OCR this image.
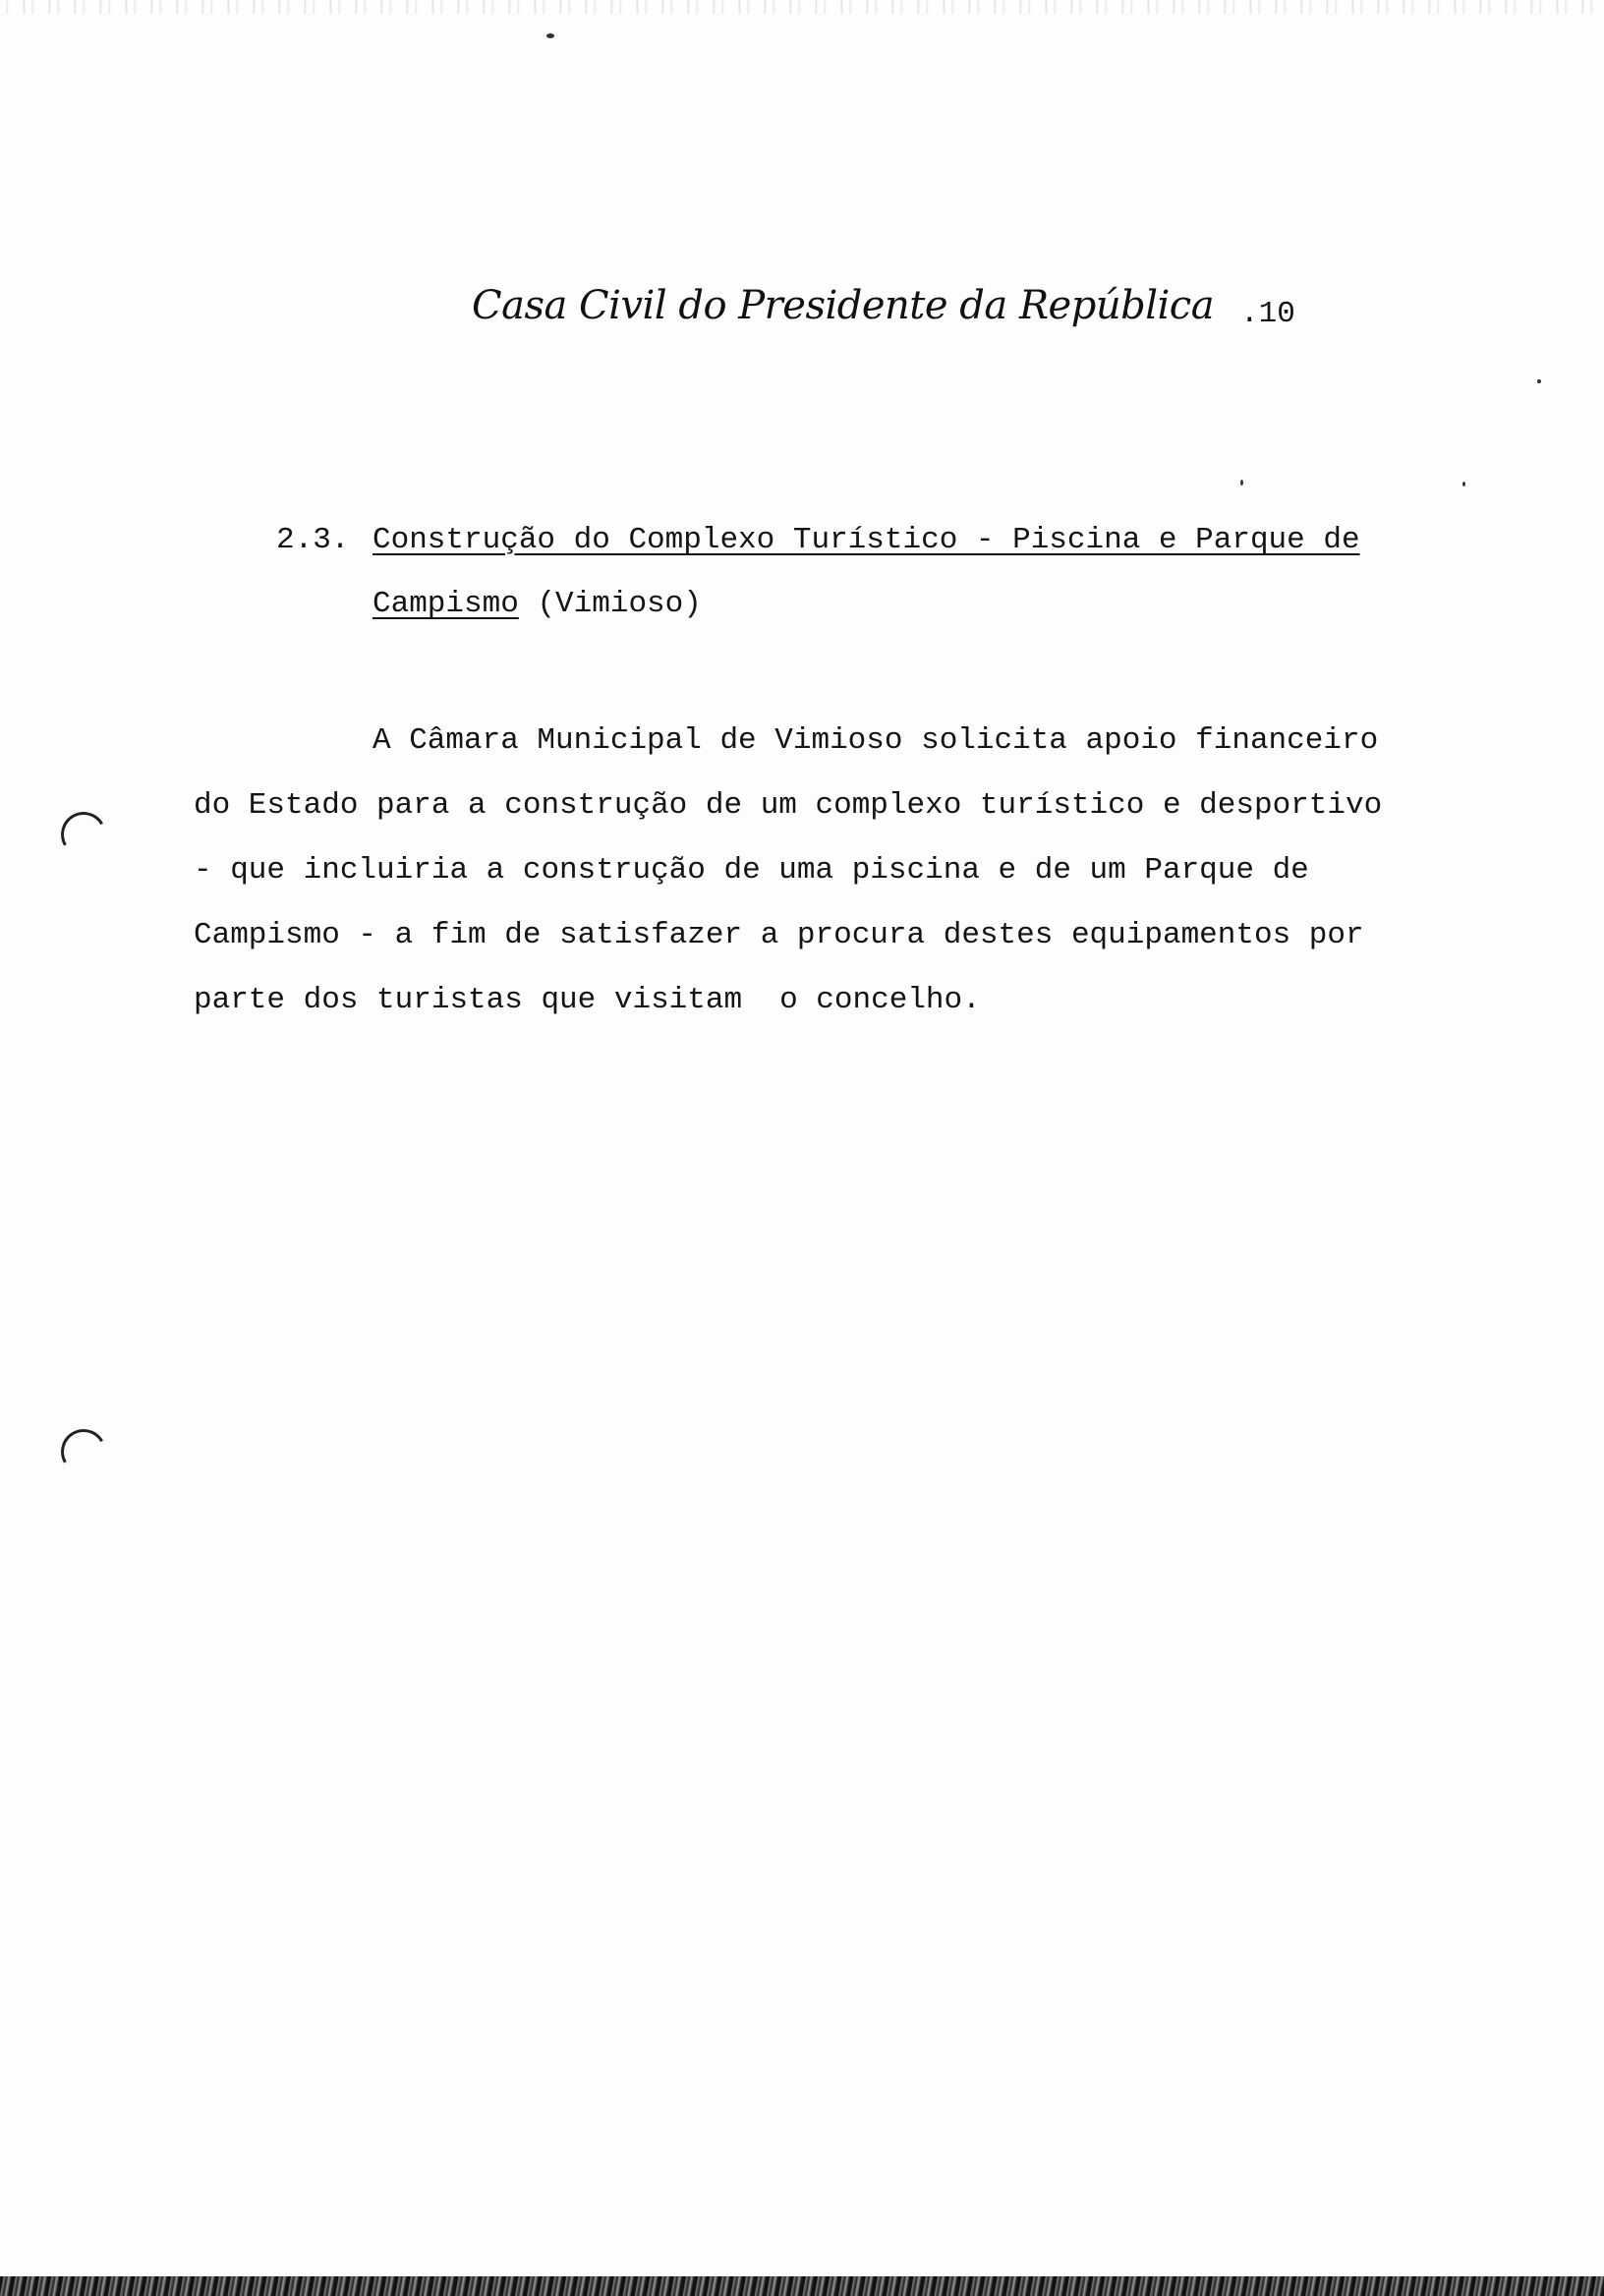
Casa Civil do Presidente da República .10
2.3. Construção do Complexo Turístico - Piscina e Parque de
Campismo (Vimioso)
A Câmara Municipal de Vimioso solicita apoio financeiro
do Estado para a construção de um complexo turístico e desportivo
- que incluiria a construção de uma piscina e de um Parque de
Campismo - a fim de satisfazer a procura destes equipamentos por
parte dos turistas que visitam o concelho.
